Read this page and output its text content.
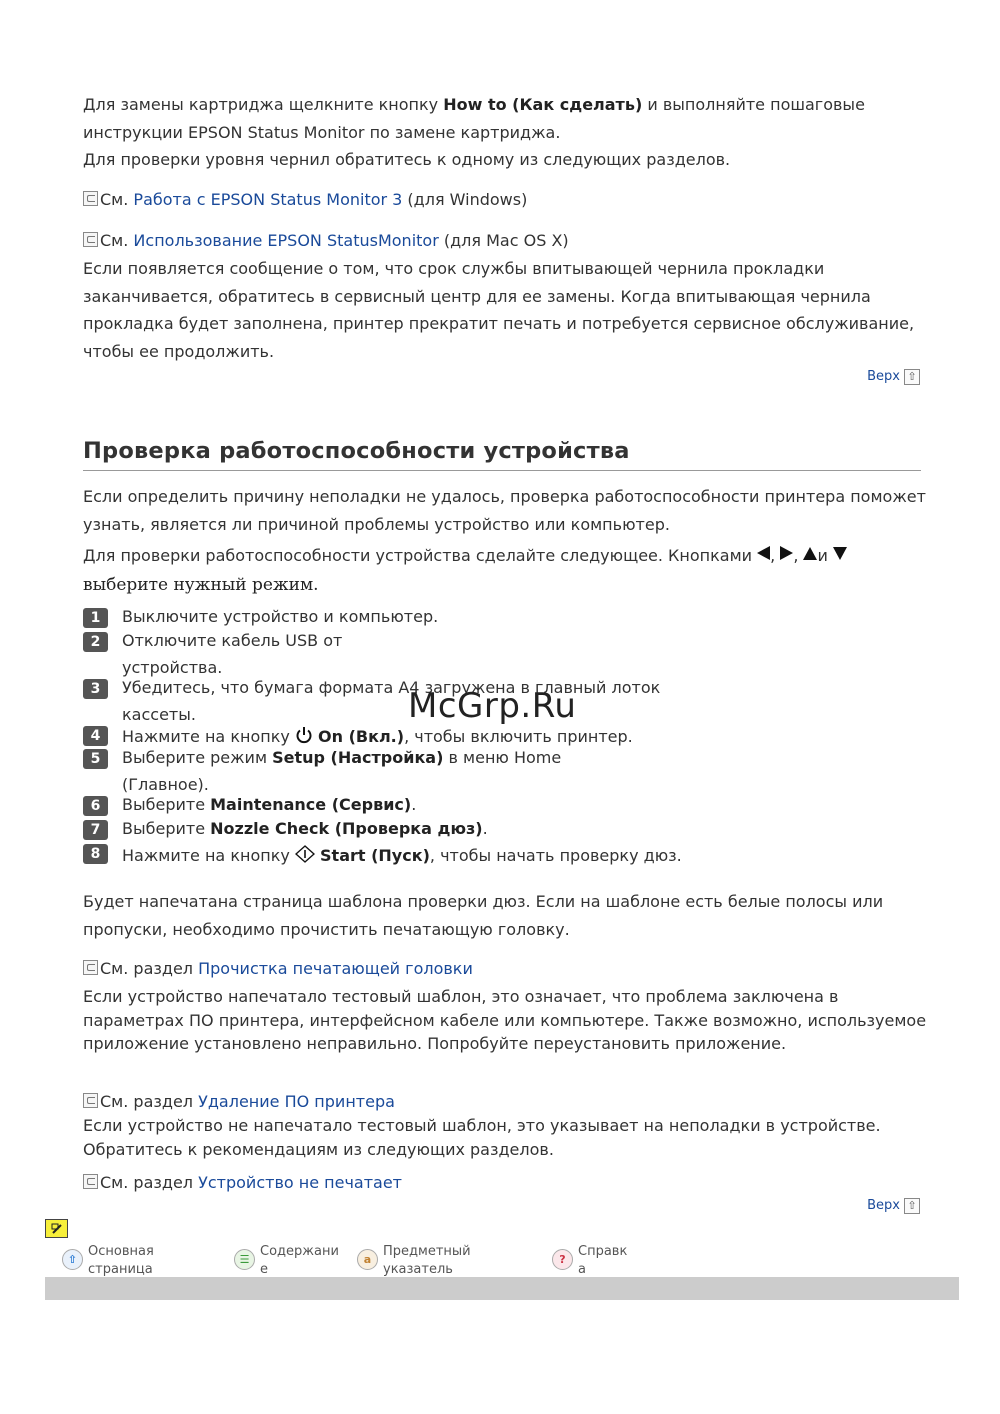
Для замены картриджа щелкните кнопку How to (Как сделать) и выполняйте пошаговые инструкции EPSON Status Monitor по замене картриджа.
Для проверки уровня чернил обратитесь к одному из следующих разделов.

См. Работа с EPSON Status Monitor 3 (для Windows)
См. Использование EPSON StatusMonitor (для Mac OS X)

Если появляется сообщение о том, что срок службы впитывающей чернила прокладки заканчивается, обратитесь в сервисный центр для ее замены. Когда впитывающая чернила прокладка будет заполнена, принтер прекратит печать и потребуется сервисное обслуживание, чтобы ее продолжить.

Верх ⇧
Проверка работоспособности устройства

Если определить причину неполадки не удалось, проверка работоспособности принтера поможет узнать, является ли причиной проблемы устройство или компьютер.

Для проверки работоспособности устройства сделайте следующее. Кнопками , , и
выберите нужный режим.
1	Выключите устройство и компьютер.
2	Отключите кабель USB от устройства.
3	Убедитесь, что бумага формата A4 загружена в главный лоток кассеты.
4	Нажмите на кнопку  On (Вкл.), чтобы включить принтер.
5	Выберите режим Setup (Настройка) в меню Home (Главное).
6	Выберите Maintenance (Сервис).
7	Выберите Nozzle Check (Проверка дюз).
8	Нажмите на кнопку  Start (Пуск), чтобы начать проверку дюз.

Будет напечатана страница шаблона проверки дюз. Если на шаблоне есть белые полосы или пропуски, необходимо прочистить печатающую головку.

См. раздел Прочистка печатающей головки

Если устройство напечатало тестовый шаблон, это означает, что проблема заключена в параметрах ПО принтера, интерфейсном кабеле или компьютере. Также возможно, используемое приложение установлено неправильно. Попробуйте переустановить приложение.

См. раздел Удаление ПО принтера

Если устройство не напечатало тестовый шаблон, это указывает на неполадки в устройстве. Обратитесь к рекомендациям из следующих разделов.

См. раздел Устройство не печатает
Верх ⇧
McGrp.Ru
⇧ Основная
страница
☰ Содержани
е
a Предметный
указатель
? Справк
а
